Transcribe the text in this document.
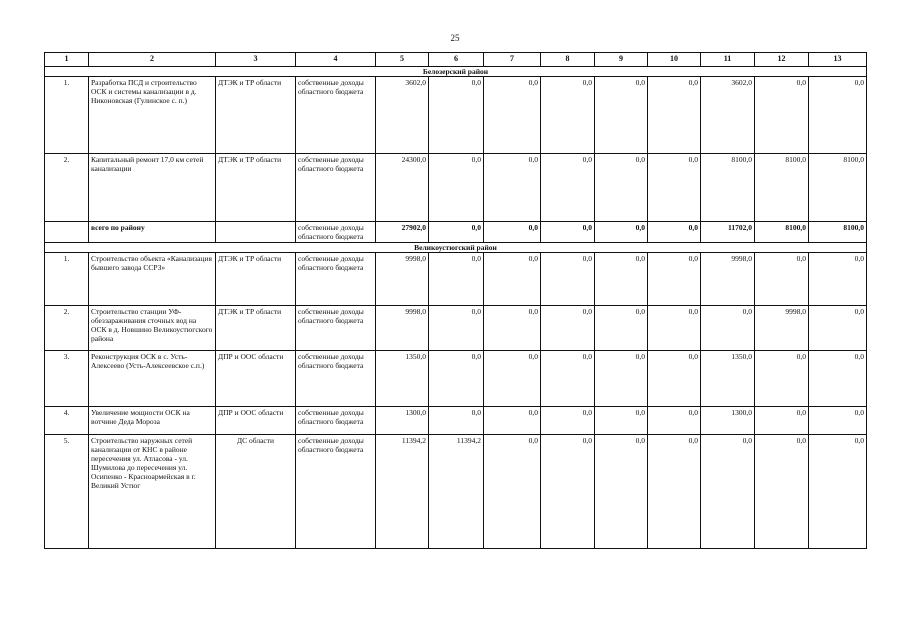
25
1	2	3	4	5	6	7	8	9	10	11	12	13
Белозерский район												
1.	Разработка ПСД и строительство ОСК и системы канализации в д. Никоновская (Гулинское с. п.)	ДТЭК и ТР области	собственные доходы областного бюджета	3602,0	0,0	0,0	0,0	0,0	0,0	3602,0	0,0	0,0
2.	Капитальный ремонт 17,0 км сетей канализации	ДТЭК и ТР области	собственные доходы областного бюджета	24300,0	0,0	0,0	0,0	0,0	0,0	8100,0	8100,0	8100,0
	всего по району		собственные доходы областного бюджета	27902,0	0,0	0,0	0,0	0,0	0,0	11702,0	8100,0	8100,0
Великоустюгский район												
1.	Строительство объекта «Канализация бывшего завода ССРЗ»	ДТЭК и ТР области	собственные доходы областного бюджета	9998,0	0,0	0,0	0,0	0,0	0,0	9998,0	0,0	0,0
2.	Строительство станции УФ-обеззараживания сточных вод на ОСК в д. Новшино Великоустюгского района	ДТЭК и ТР области	собственные доходы областного бюджета	9998,0	0,0	0,0	0,0	0,0	0,0	0,0	9998,0	0,0
3.	Реконструкция ОСК в с. Усть-Алексеево (Усть-Алексеевское с.п.)	ДПР и ООС области	собственные доходы областного бюджета	1350,0	0,0	0,0	0,0	0,0	0,0	1350,0	0,0	0,0
4.	Увеличение мощности ОСК на вотчине Деда Мороза	ДПР и ООС области	собственные доходы областного бюджета	1300,0	0,0	0,0	0,0	0,0	0,0	1300,0	0,0	0,0
5.	Строительство наружных сетей канализации от КНС в районе пересечения ул. Атласова - ул. Шумилова до пересечения ул. Осипенко - Красноармейская в г. Великий Устюг	ДС области	собственные доходы областного бюджета	11394,2	11394,2	0,0	0,0	0,0	0,0	0,0	0,0	0,0
